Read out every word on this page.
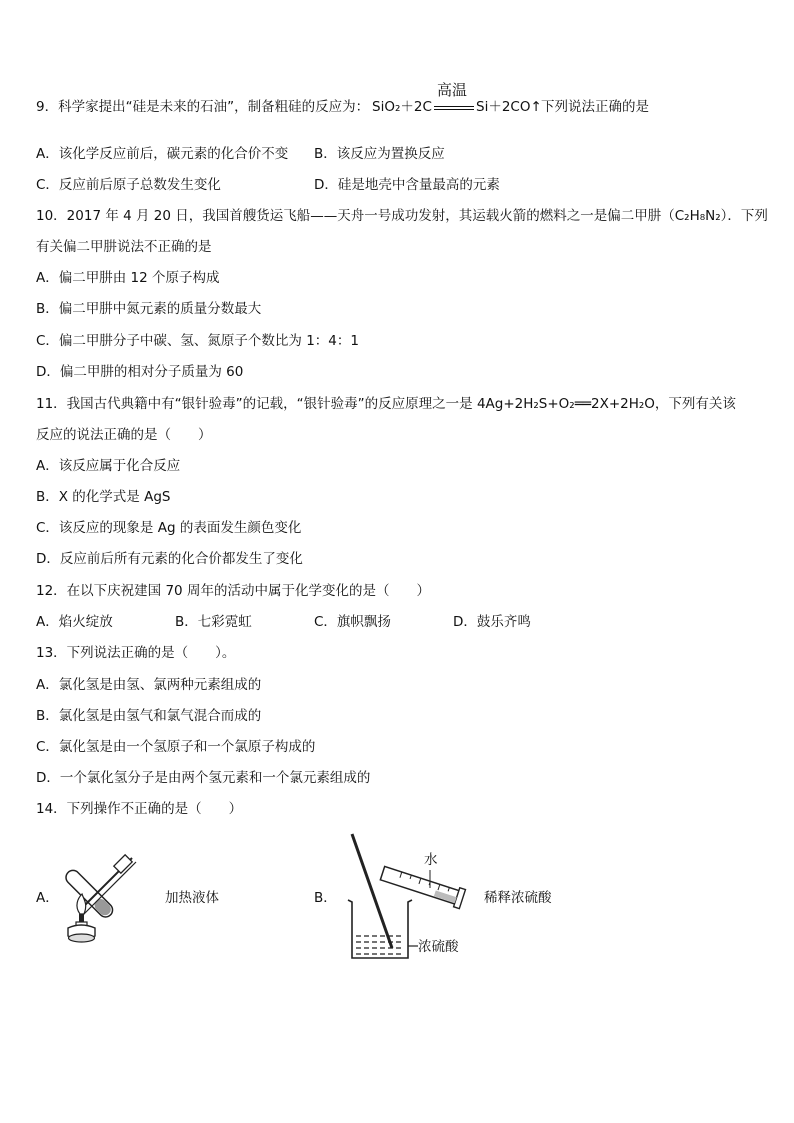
9．科学家提出“硅是未来的石油”，制备粗硅的反应为： SiO₂＋2C
高温
Si＋2CO↑ 下列说法正确的是
A．该化学反应前后，碳元素的化合价不变 B．该反应为置换反应
C．反应前后原子总数发生变化	D．硅是地壳中含量最高的元素
10．2017 年 4 月 20 日，我国首艘货运飞船——天舟一号成功发射，其运载火箭的燃料之一是偏二甲肼（C₂H₈N₂）．下列
有关偏二甲肼说法不正确的是
A．偏二甲肼由 12 个原子构成
B．偏二甲肼中氮元素的质量分数最大
C．偏二甲肼分子中碳、氢、氮原子个数比为 1：4：1
D．偏二甲肼的相对分子质量为 60
11．我国古代典籍中有“银针验毒”的记载，“银针验毒”的反应原理之一是 4Ag+2H₂S+O₂══2X+2H₂O，下列有关该
反应的说法正确的是（　　）
A．该反应属于化合反应
B．X 的化学式是 AgS
C．该反应的现象是 Ag 的表面发生颜色变化
D．反应前后所有元素的化合价都发生了变化
12．在以下庆祝建国 70 周年的活动中属于化学变化的是（　　）
A．焰火绽放	B．七彩霓虹	C．旗帜飘扬	D．鼓乐齐鸣
13．下列说法正确的是（　　）。
A．氯化氢是由氢、氯两种元素组成的
B．氯化氢是由氢气和氯气混合而成的
C．氯化氢是由一个氢原子和一个氯原子构成的
D．一个氯化氢分子是由两个氢元素和一个氯元素组成的
14．下列操作不正确的是（　　）
A．	加热液体	B．
水
稀释浓硫酸
浓硫酸
